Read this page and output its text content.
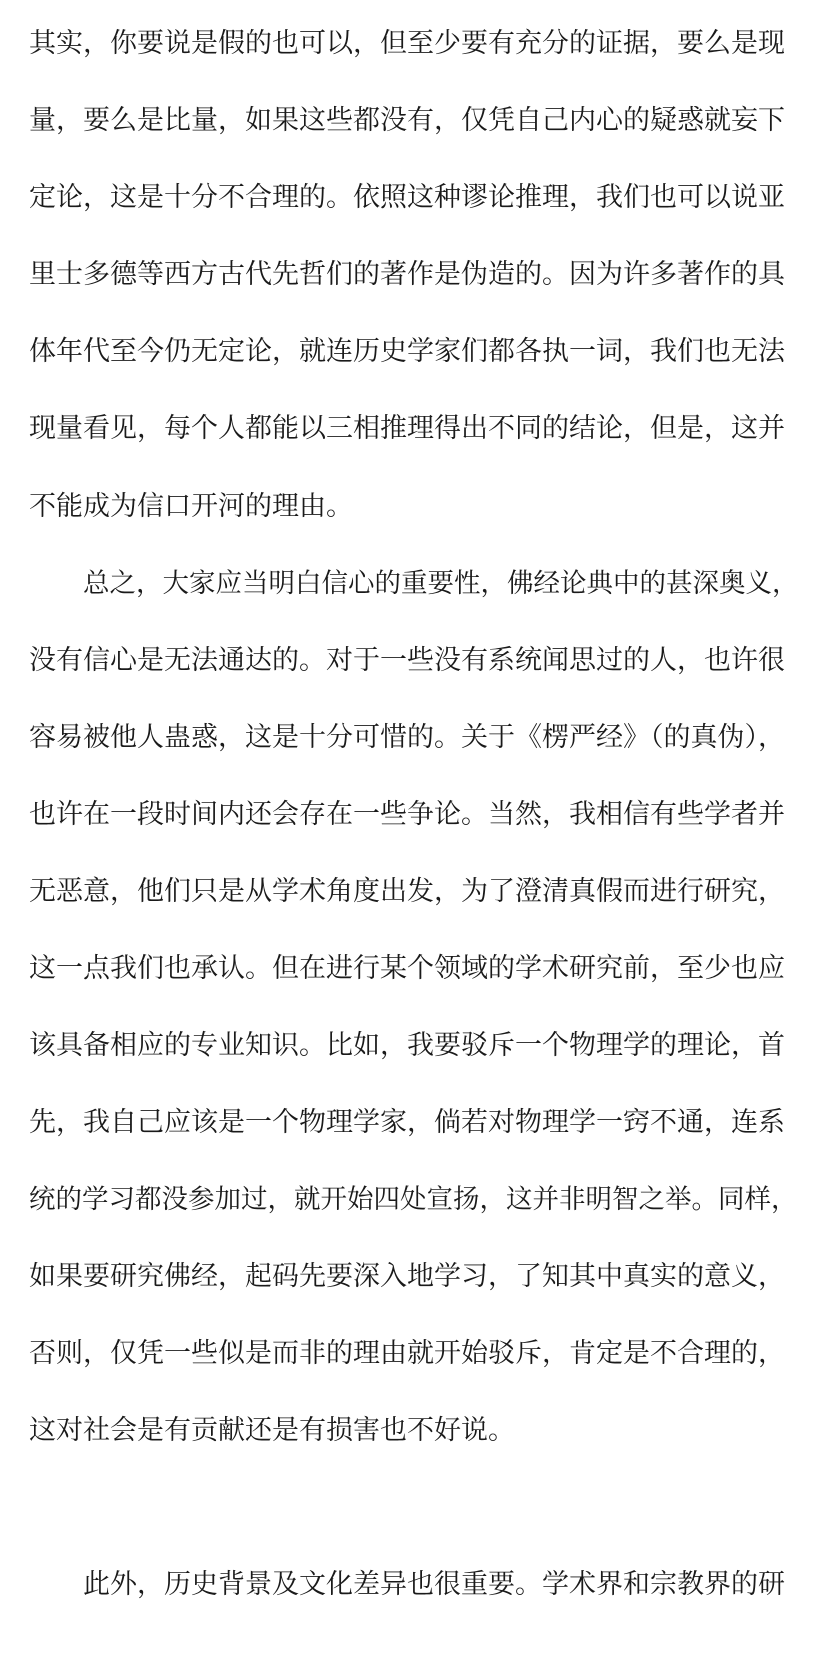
其实，你要说是假的也可以，但至少要有充分的证据，要么是现
量，要么是比量，如果这些都没有，仅凭自己内心的疑惑就妄下
定论，这是十分不合理的。依照这种谬论推理，我们也可以说亚
里士多德等西方古代先哲们的著作是伪造的。因为许多著作的具
体年代至今仍无定论，就连历史学家们都各执一词，我们也无法
现量看见，每个人都能以三相推理得出不同的结论，但是，这并
不能成为信口开河的理由。
总之，大家应当明白信心的重要性，佛经论典中的甚深奥义，
没有信心是无法通达的。对于一些没有系统闻思过的人，也许很
容易被他人蛊惑，这是十分可惜的。关于《楞严经》（的真伪），
也许在一段时间内还会存在一些争论。当然，我相信有些学者并
无恶意，他们只是从学术角度出发，为了澄清真假而进行研究，
这一点我们也承认。但在进行某个领域的学术研究前，至少也应
该具备相应的专业知识。比如，我要驳斥一个物理学的理论，首
先，我自己应该是一个物理学家，倘若对物理学一窍不通，连系
统的学习都没参加过，就开始四处宣扬，这并非明智之举。同样，
如果要研究佛经，起码先要深入地学习，了知其中真实的意义，
否则，仅凭一些似是而非的理由就开始驳斥，肯定是不合理的，
这对社会是有贡献还是有损害也不好说。
此外，历史背景及文化差异也很重要。学术界和宗教界的研
